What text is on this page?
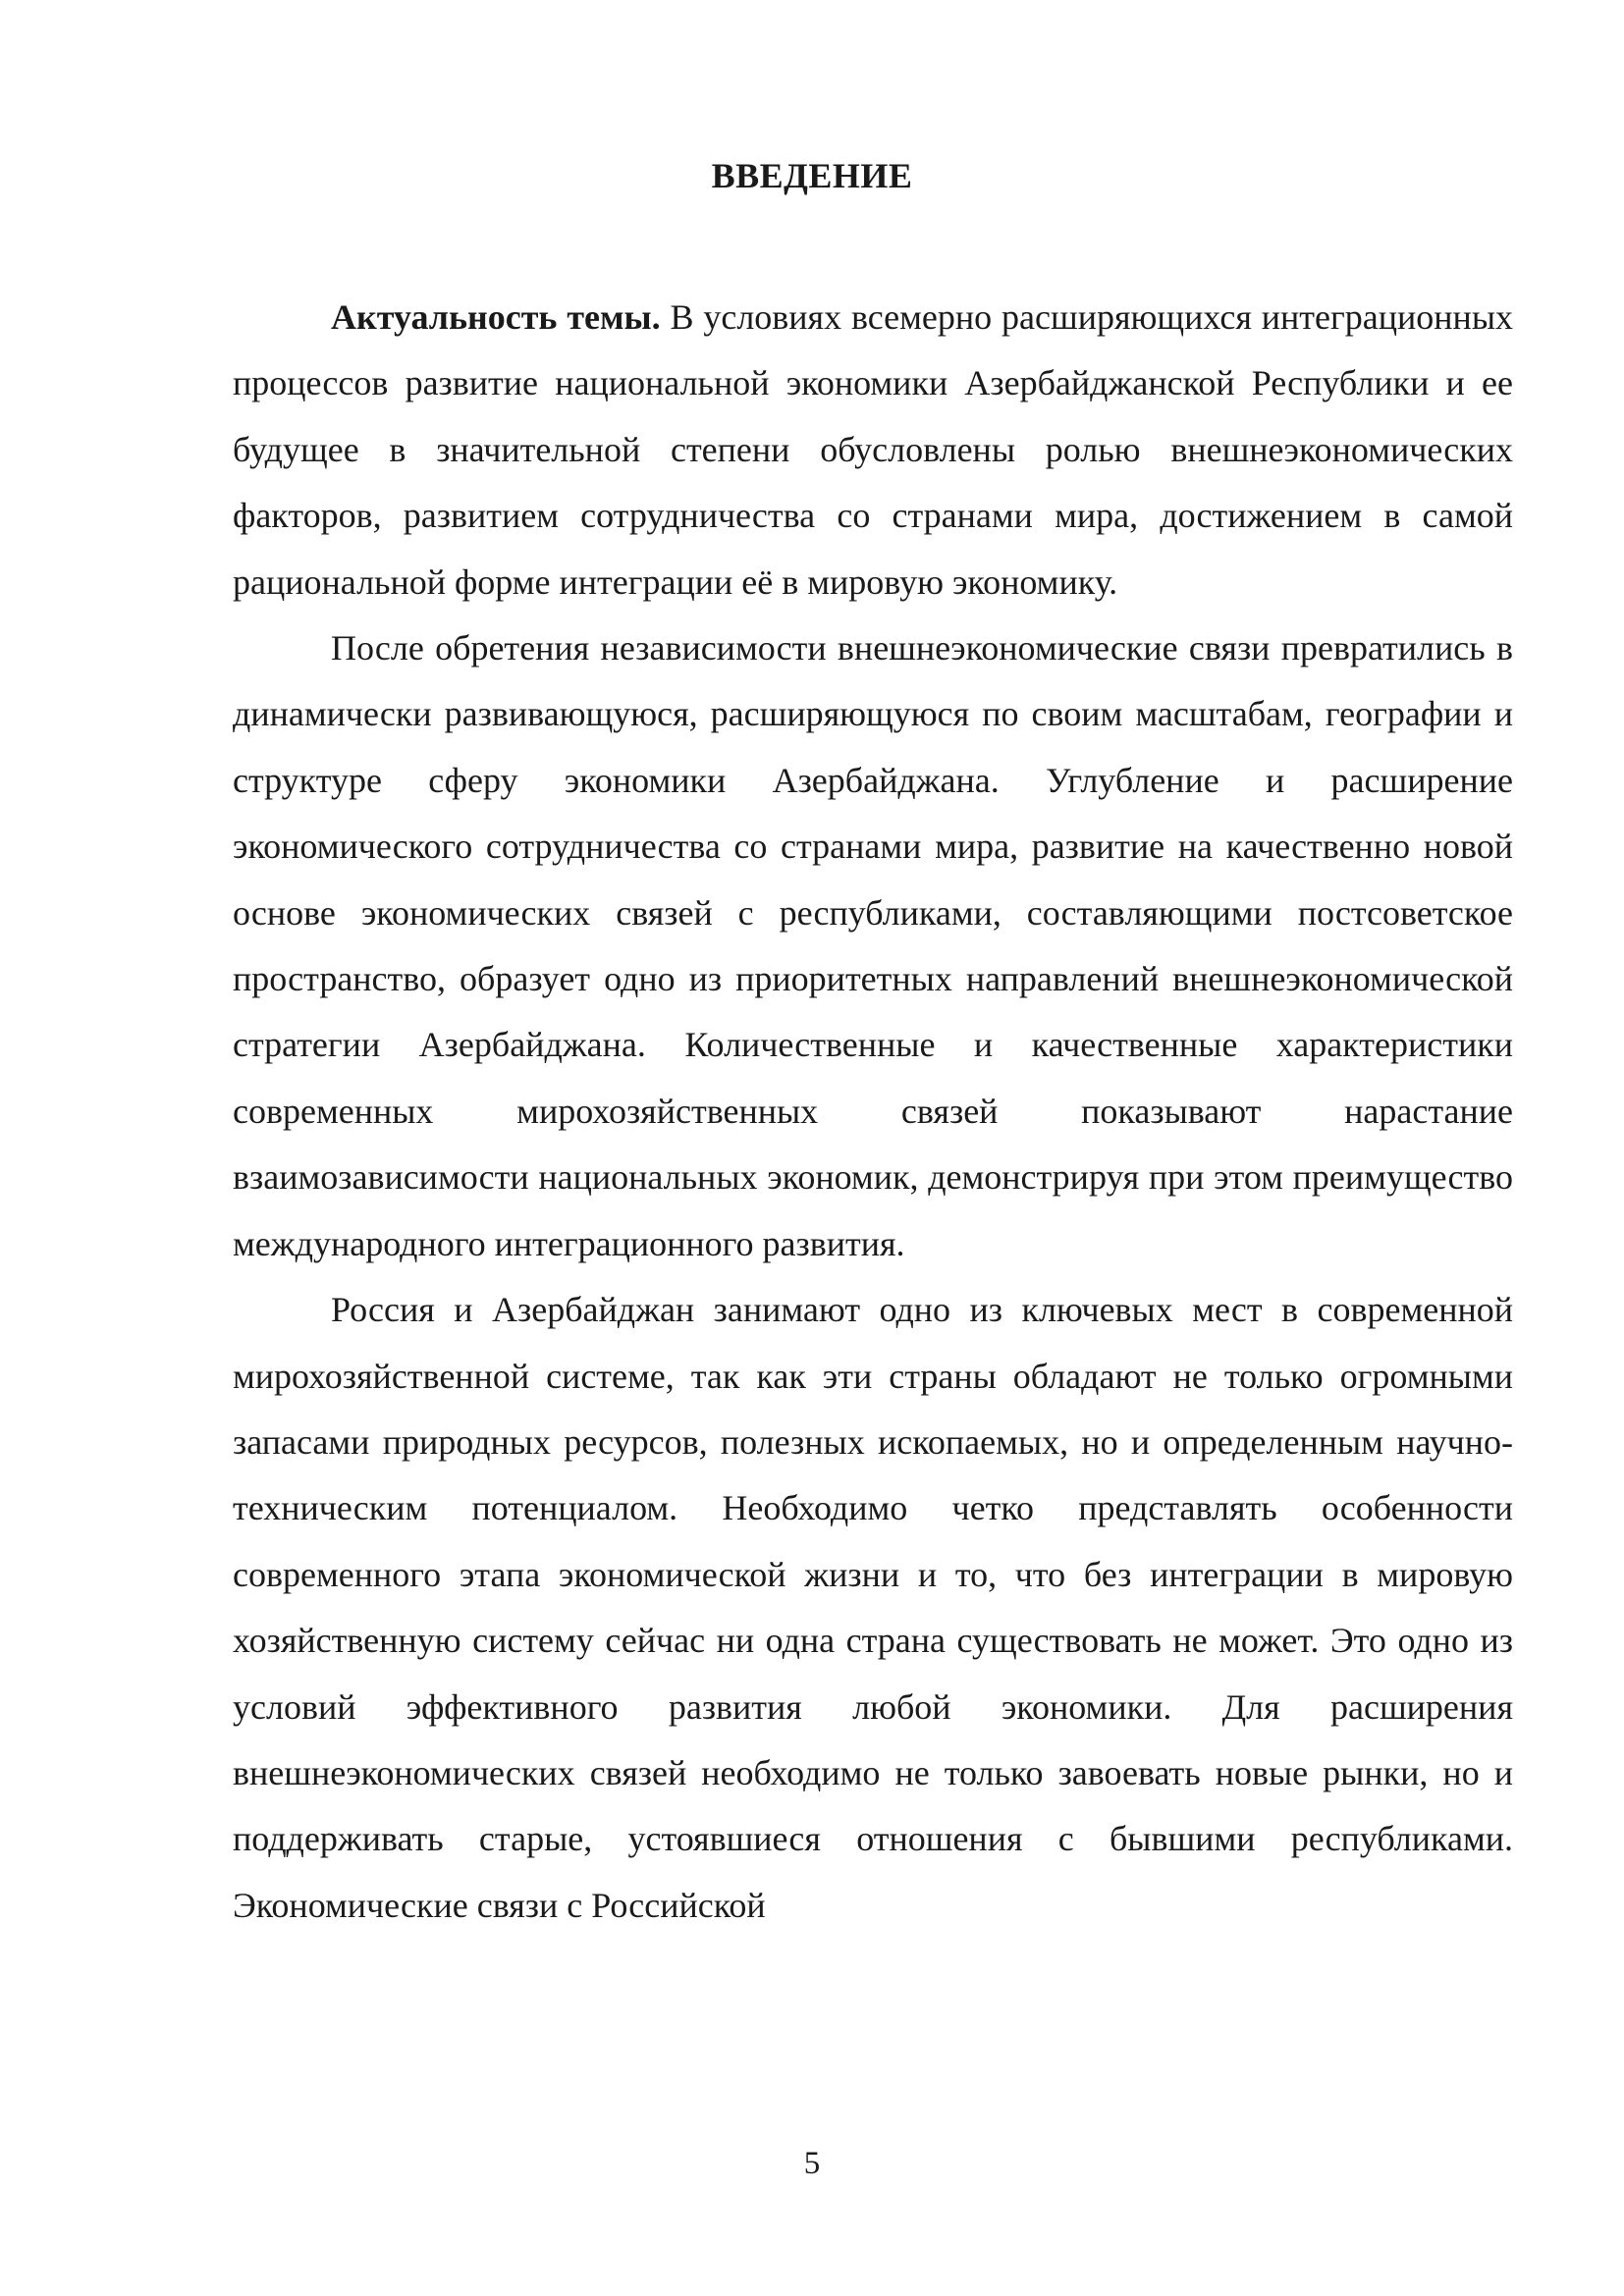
ВВЕДЕНИЕ

Актуальность темы. В условиях всемерно расширяющихся интеграционных процессов развитие национальной экономики Азербайджанской Республики и ее будущее в значительной степени обусловлены ролью внешнеэкономических факторов, развитием сотрудничества со странами мира, достижением в самой рациональной форме интеграции её в мировую экономику.

После обретения независимости внешнеэкономические связи превратились в динамически развивающуюся, расширяющуюся по своим масштабам, географии и структуре сферу экономики Азербайджана. Углубление и расширение экономического сотрудничества со странами мира, развитие на качественно новой основе экономических связей с республиками, составляющими постсоветское пространство, образует одно из приоритетных направлений внешнеэкономической стратегии Азербайджана. Количественные и качественные характеристики современных мирохозяйственных связей показывают нарастание взаимозависимости национальных экономик, демонстрируя при этом преимущество международного интеграционного развития.

Россия и Азербайджан занимают одно из ключевых мест в современной мирохозяйственной системе, так как эти страны обладают не только огромными запасами природных ресурсов, полезных ископаемых, но и определенным научно-техническим потенциалом. Необходимо четко представлять особенности современного этапа экономической жизни и то, что без интеграции в мировую хозяйственную систему сейчас ни одна страна существовать не может. Это одно из условий эффективного развития любой экономики. Для расширения внешнеэкономических связей необходимо не только завоевать новые рынки, но и поддерживать старые, устоявшиеся отношения с бывшими республиками. Экономические связи с Российской

5
